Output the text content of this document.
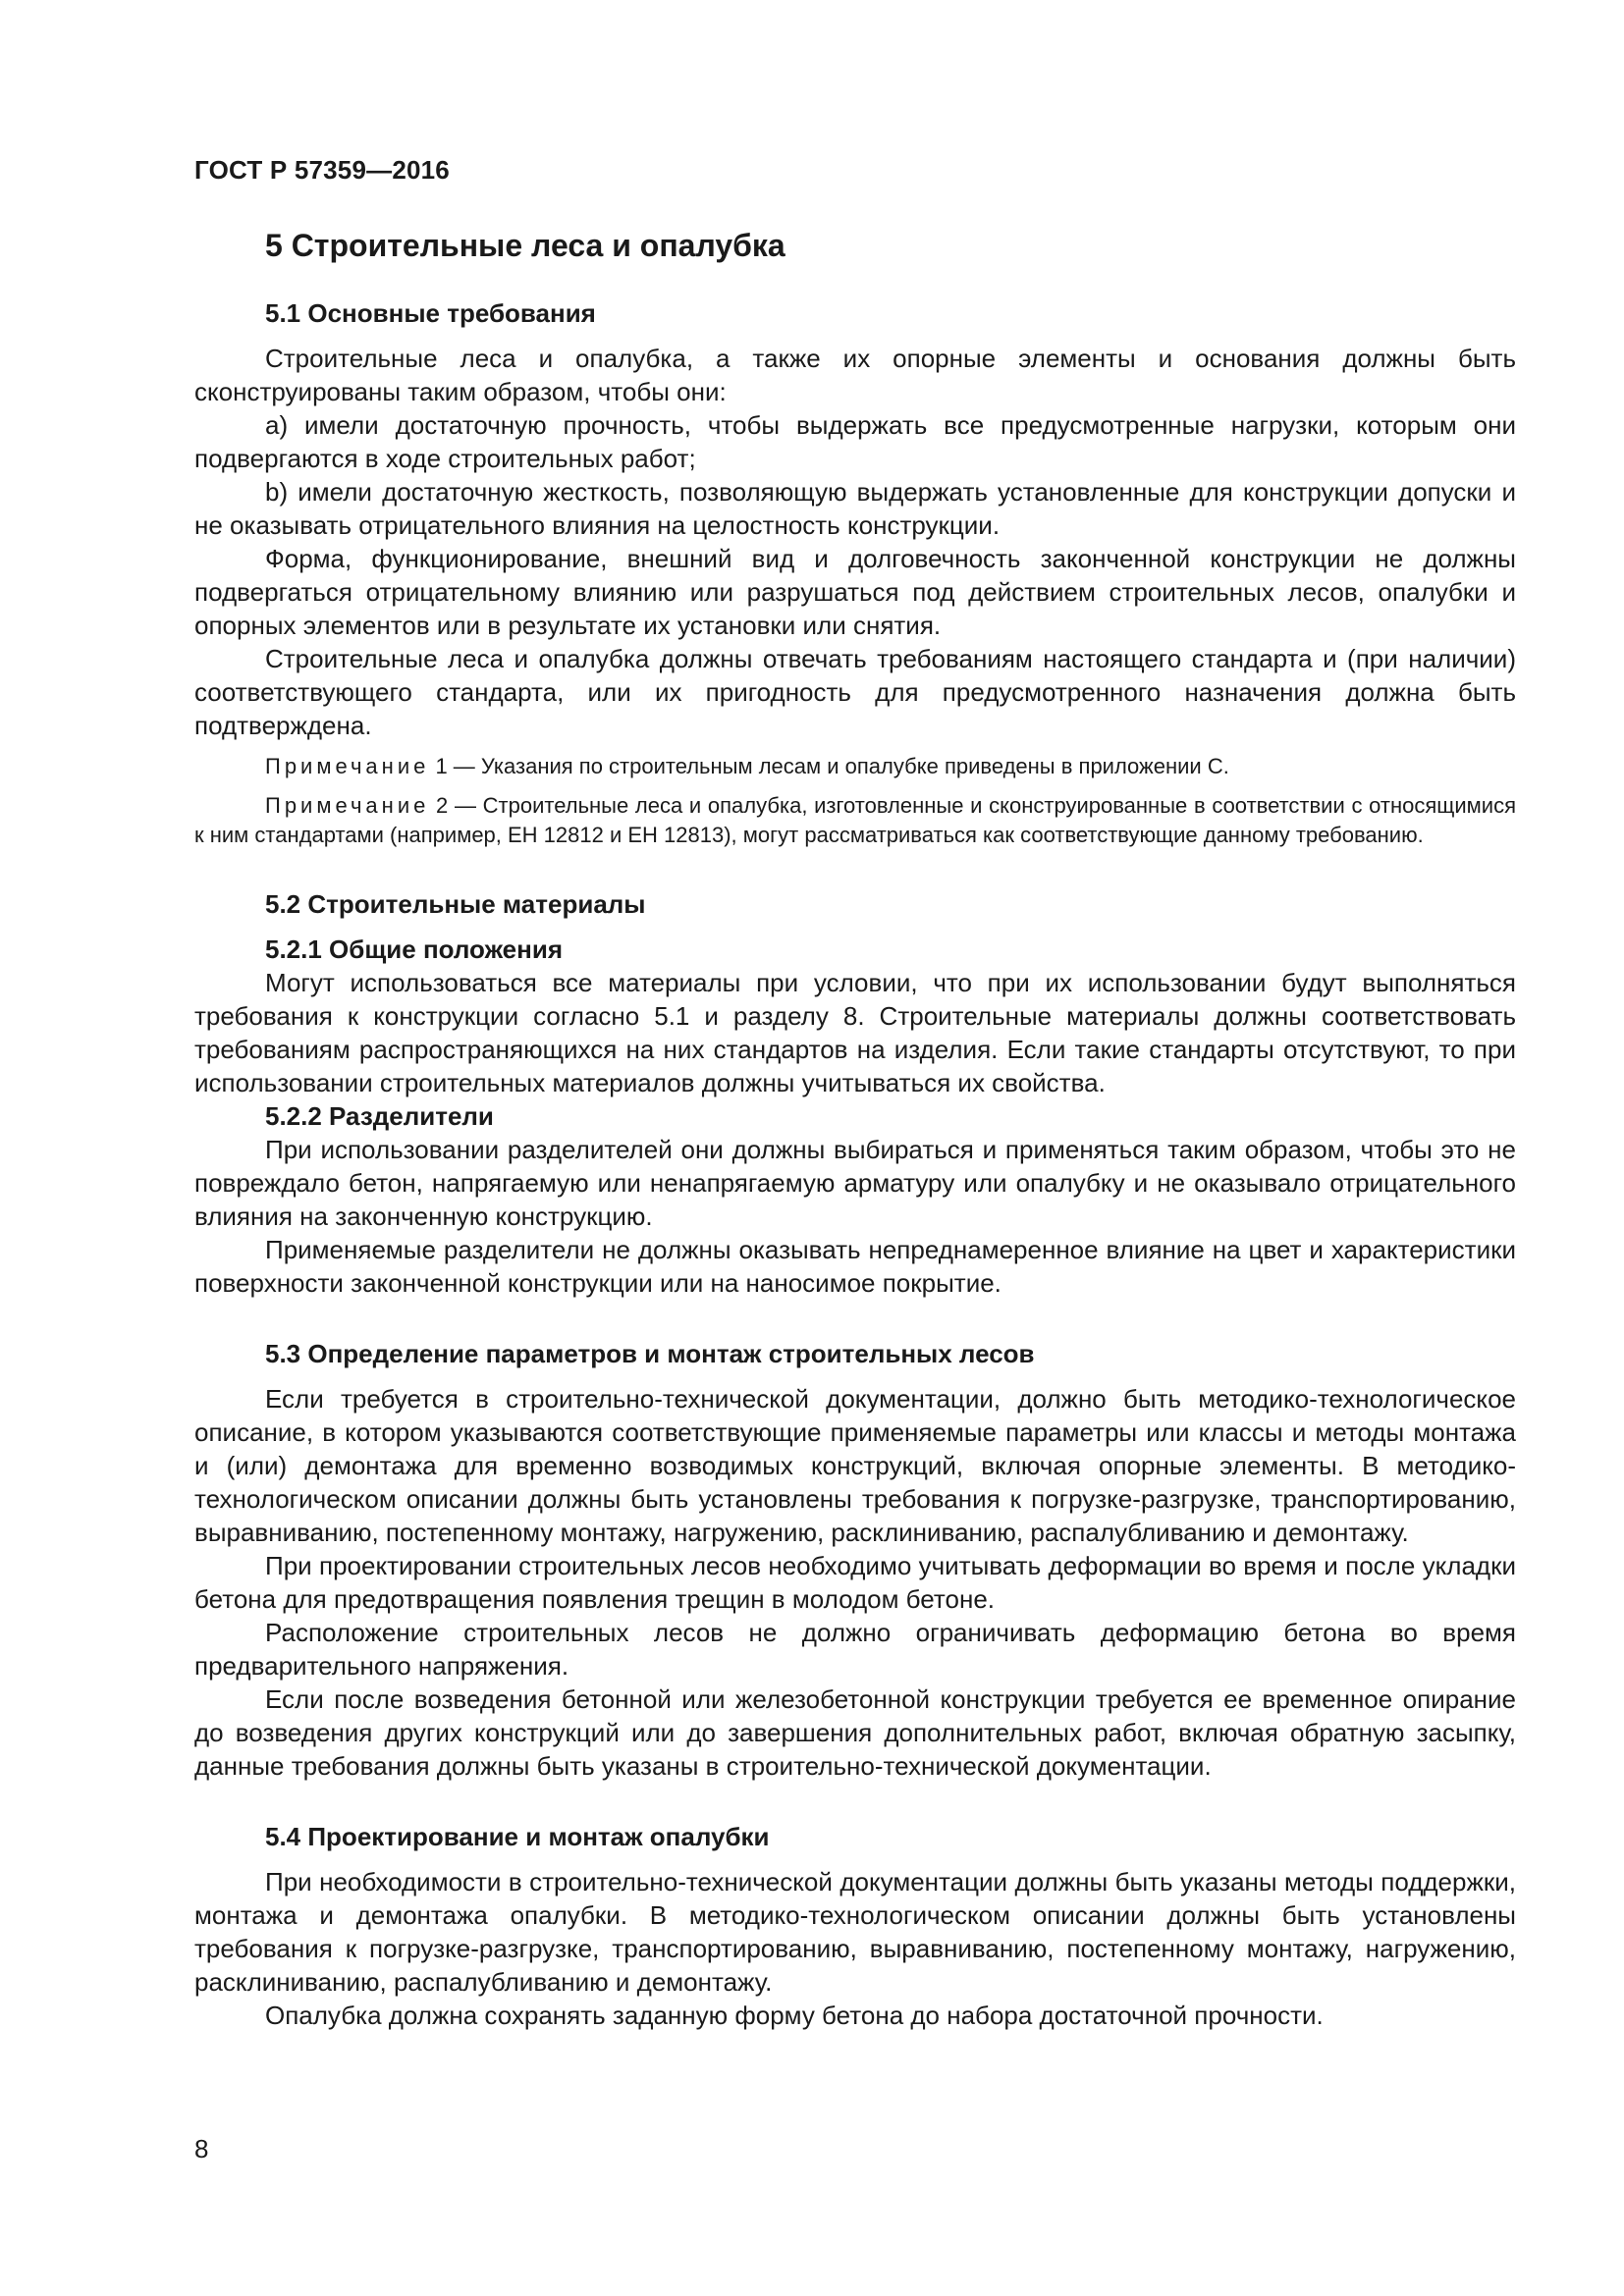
ГОСТ Р 57359—2016
5 Строительные леса и опалубка
5.1 Основные требования

Строительные леса и опалубка, а также их опорные элементы и основания должны быть сконструированы таким образом, чтобы они:

а) имели достаточную прочность, чтобы выдержать все предусмотренные нагрузки, которым они подвергаются в ходе строительных работ;

b) имели достаточную жесткость, позволяющую выдержать установленные для конструкции допуски и не оказывать отрицательного влияния на целостность конструкции.

Форма, функционирование, внешний вид и долговечность законченной конструкции не должны подвергаться отрицательному влиянию или разрушаться под действием строительных лесов, опалубки и опорных элементов или в результате их установки или снятия.

Строительные леса и опалубка должны отвечать требованиям настоящего стандарта и (при наличии) соответствующего стандарта, или их пригодность для предусмотренного назначения должна быть подтверждена.

Примечание 1 — Указания по строительным лесам и опалубке приведены в приложении С.

Примечание 2 — Строительные леса и опалубка, изготовленные и сконструированные в соответствии с относящимися к ним стандартами (например, ЕН 12812 и ЕН 12813), могут рассматриваться как соответствующие данному требованию.

5.2 Строительные материалы
5.2.1 Общие положения

Могут использоваться все материалы при условии, что при их использовании будут выполняться требования к конструкции согласно 5.1 и разделу 8. Строительные материалы должны соответствовать требованиям распространяющихся на них стандартов на изделия. Если такие стандарты отсутствуют, то при использовании строительных материалов должны учитываться их свойства.

5.2.2 Разделители

При использовании разделителей они должны выбираться и применяться таким образом, чтобы это не повреждало бетон, напрягаемую или ненапрягаемую арматуру или опалубку и не оказывало отрицательного влияния на законченную конструкцию.

Применяемые разделители не должны оказывать непреднамеренное влияние на цвет и характеристики поверхности законченной конструкции или на наносимое покрытие.

5.3 Определение параметров и монтаж строительных лесов

Если требуется в строительно-технической документации, должно быть методико-технологическое описание, в котором указываются соответствующие применяемые параметры или классы и методы монтажа и (или) демонтажа для временно возводимых конструкций, включая опорные элементы. В методико-технологическом описании должны быть установлены требования к погрузке-разгрузке, транспортированию, выравниванию, постепенному монтажу, нагружению, расклиниванию, распалубливанию и демонтажу.

При проектировании строительных лесов необходимо учитывать деформации во время и после укладки бетона для предотвращения появления трещин в молодом бетоне.

Расположение строительных лесов не должно ограничивать деформацию бетона во время предварительного напряжения.

Если после возведения бетонной или железобетонной конструкции требуется ее временное опирание до возведения других конструкций или до завершения дополнительных работ, включая обратную засыпку, данные требования должны быть указаны в строительно-технической документации.

5.4 Проектирование и монтаж опалубки

При необходимости в строительно-технической документации должны быть указаны методы поддержки, монтажа и демонтажа опалубки. В методико-технологическом описании должны быть установлены требования к погрузке-разгрузке, транспортированию, выравниванию, постепенному монтажу, нагружению, расклиниванию, распалубливанию и демонтажу.

Опалубка должна сохранять заданную форму бетона до набора достаточной прочности.

8
